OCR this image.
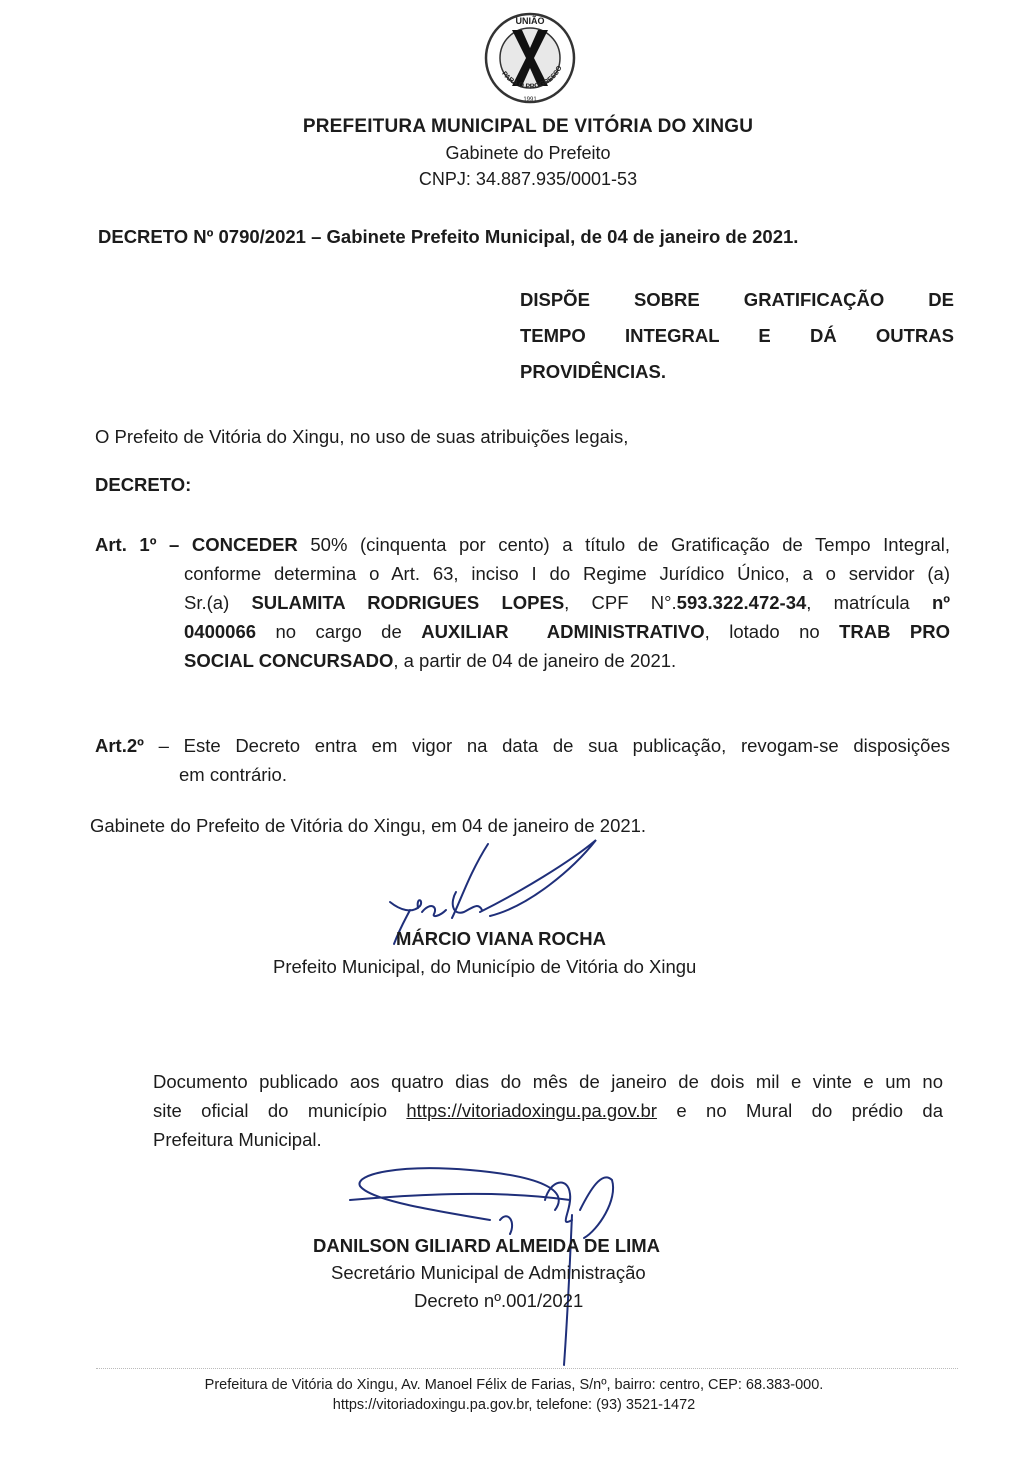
UNIÃO
PARA O PROGRESSO
1991
PREFEITURA MUNICIPAL DE VITÓRIA DO XINGU
Gabinete do Prefeito
CNPJ: 34.887.935/0001-53
DECRETO Nº 0790/2021 – Gabinete Prefeito Municipal, de 04 de janeiro de 2021.
DISPÕE SOBRE GRATIFICAÇÃO DE
TEMPO INTEGRAL E DÁ OUTRAS
PROVIDÊNCIAS.
O Prefeito de Vitória do Xingu, no uso de suas atribuições legais,
DECRETO:
Art. 1º – CONCEDER 50% (cinquenta por cento) a título de Gratificação de Tempo Integral,
conforme determina o Art. 63, inciso I do Regime Jurídico Único, a o servidor (a)
Sr.(a) SULAMITA RODRIGUES LOPES, CPF N°.593.322.472-34, matrícula nº
0400066 no cargo de AUXILIAR  ADMINISTRATIVO, lotado no TRAB PRO
SOCIAL CONCURSADO, a partir de 04 de janeiro de 2021.
Art.2º – Este Decreto entra em vigor na data de sua publicação, revogam-se disposições
em contrário.
Gabinete do Prefeito de Vitória do Xingu, em 04 de janeiro de 2021.
MÁRCIO VIANA ROCHA
Prefeito Municipal, do Município de Vitória do Xingu
Documento publicado aos quatro dias do mês de janeiro de dois mil e vinte e um no
site oficial do município https://vitoriadoxingu.pa.gov.br e no Mural do prédio da
Prefeitura Municipal.
DANILSON GILIARD ALMEIDA DE LIMA
Secretário Municipal de Administração
Decreto nº.001/2021
Prefeitura de Vitória do Xingu, Av. Manoel Félix de Farias, S/nº, bairro: centro, CEP: 68.383-000.
https://vitoriadoxingu.pa.gov.br, telefone: (93) 3521-1472
